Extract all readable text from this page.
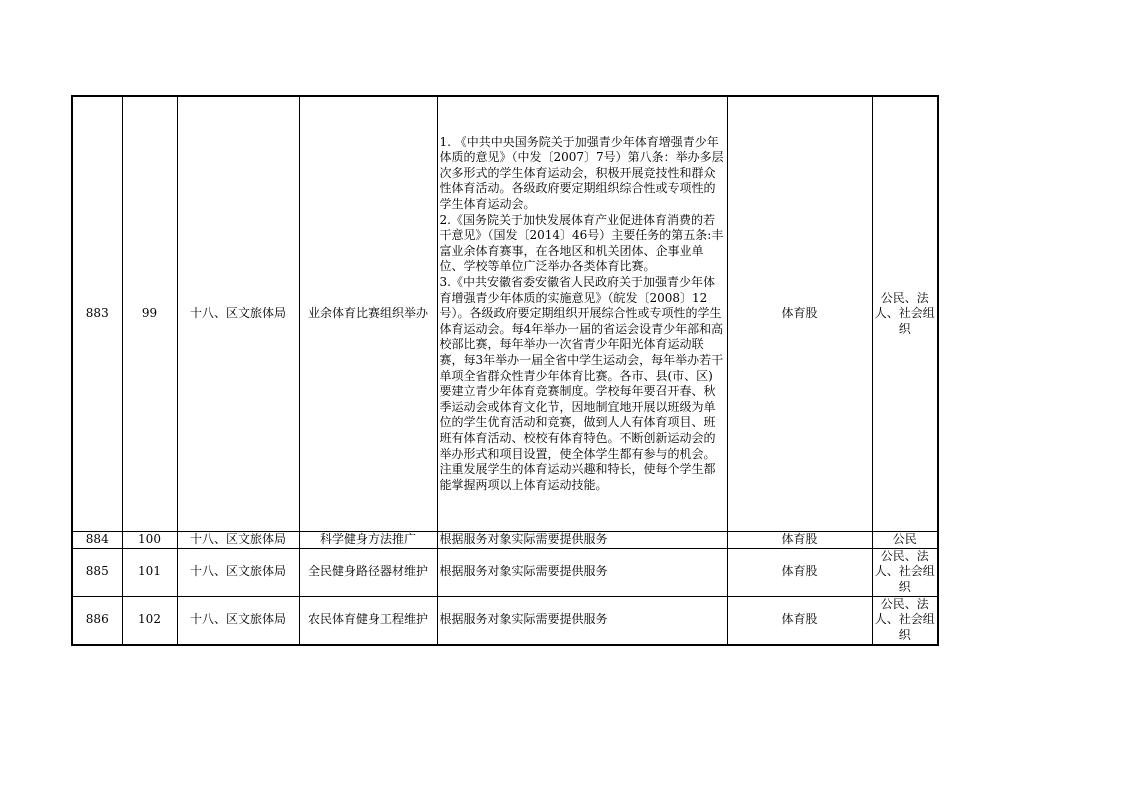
883	99	十八、区文旅体局	业余体育比赛组织举办	1. 《中共中央国务院关于加强青少年体育增强青少年体质的意见》（中发〔2007〕7号）第八条：举办多层次多形式的学生体育运动会，积极开展竞技性和群众性体育活动。各级政府要定期组织综合性或专项性的学生体育运动会。
2.《国务院关于加快发展体育产业促进体育消费的若干意见》（国发〔2014〕46号）主要任务的第五条:丰富业余体育赛事，在各地区和机关团体、企事业单位、学校等单位广泛举办各类体育比赛。
3.《中共安徽省委安徽省人民政府关于加强青少年体育增强青少年体质的实施意见》（皖发〔2008〕12号）。各级政府要定期组织开展综合性或专项性的学生体育运动会。每4年举办一届的省运会设青少年部和高校部比赛，每年举办一次省青少年阳光体育运动联赛，每3年举办一届全省中学生运动会，每年举办若干单项全省群众性青少年体育比赛。各市、县(市、区)要建立青少年体育竞赛制度。学校每年要召开春、秋季运动会或体育文化节，因地制宜地开展以班级为单位的学生优育活动和竞赛，做到人人有体育项目、班班有体育活动、校校有体育特色。不断创新运动会的举办形式和项目设置，使全体学生都有参与的机会。注重发展学生的体育运动兴趣和特长，使每个学生都能掌握两项以上体育运动技能。	体育股	公民、法人、社会组织
884	100	十八、区文旅体局	科学健身方法推广	根据服务对象实际需要提供服务	体育股	公民
885	101	十八、区文旅体局	全民健身路径器材维护	根据服务对象实际需要提供服务	体育股	公民、法人、社会组织
886	102	十八、区文旅体局	农民体育健身工程维护	根据服务对象实际需要提供服务	体育股	公民、法人、社会组织
